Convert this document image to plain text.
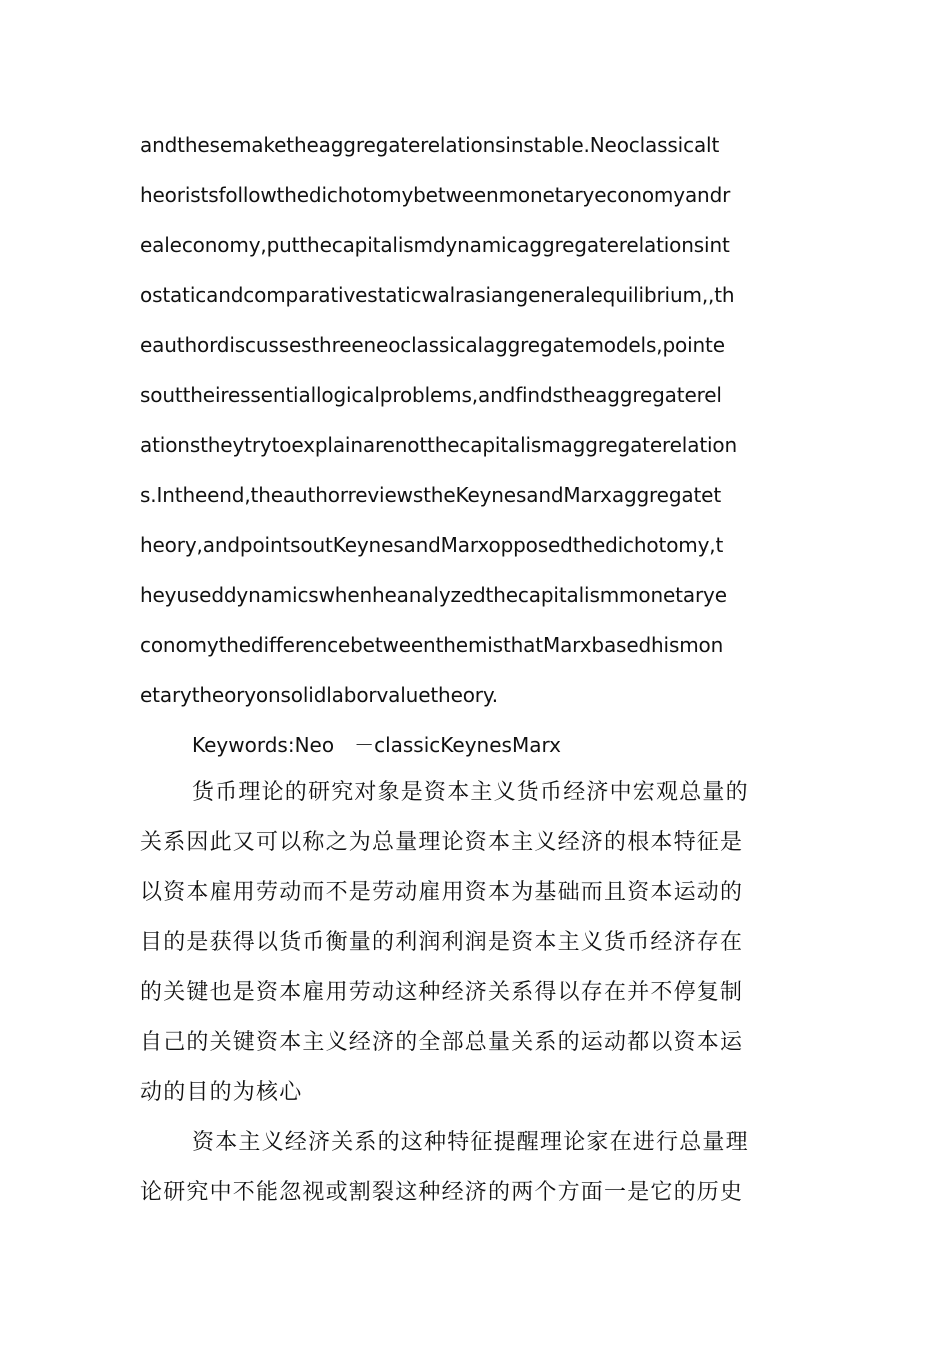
andthesemaketheaggregaterelationsinstable.Neoclassicalt
heoristsfollowthedichotomybetweenmonetaryeconomyandr
ealeconomy,putthecapitalismdynamicaggregaterelationsint
ostaticandcomparativestaticwalrasiangeneralequilibrium,,th
eauthordiscussesthreeneoclassicalaggregatemodels,pointe
souttheiressentiallogicalproblems,andfindstheaggregaterel
ationstheytrytoexplainarenotthecapitalismaggregaterelation
s.Intheend,theauthorreviewstheKeynesandMarxaggregatet
heory,andpointsoutKeynesandMarxopposedthedichotomy,t
heyuseddynamicswhenheanalyzedthecapitalismmonetarye
conomythedifferencebetweenthemisthatMarxbasedhismon
etarytheoryonsolidlaborvaluetheory.
Keywords:Neo　－classicKeynesMarx
货币理论的研究对象是资本主义货币经济中宏观总量的
关系因此又可以称之为总量理论资本主义经济的根本特征是
以资本雇用劳动而不是劳动雇用资本为基础而且资本运动的
目的是获得以货币衡量的利润利润是资本主义货币经济存在
的关键也是资本雇用劳动这种经济关系得以存在并不停复制
自己的关键资本主义经济的全部总量关系的运动都以资本运
动的目的为核心
资本主义经济关系的这种特征提醒理论家在进行总量理
论研究中不能忽视或割裂这种经济的两个方面一是它的历史
